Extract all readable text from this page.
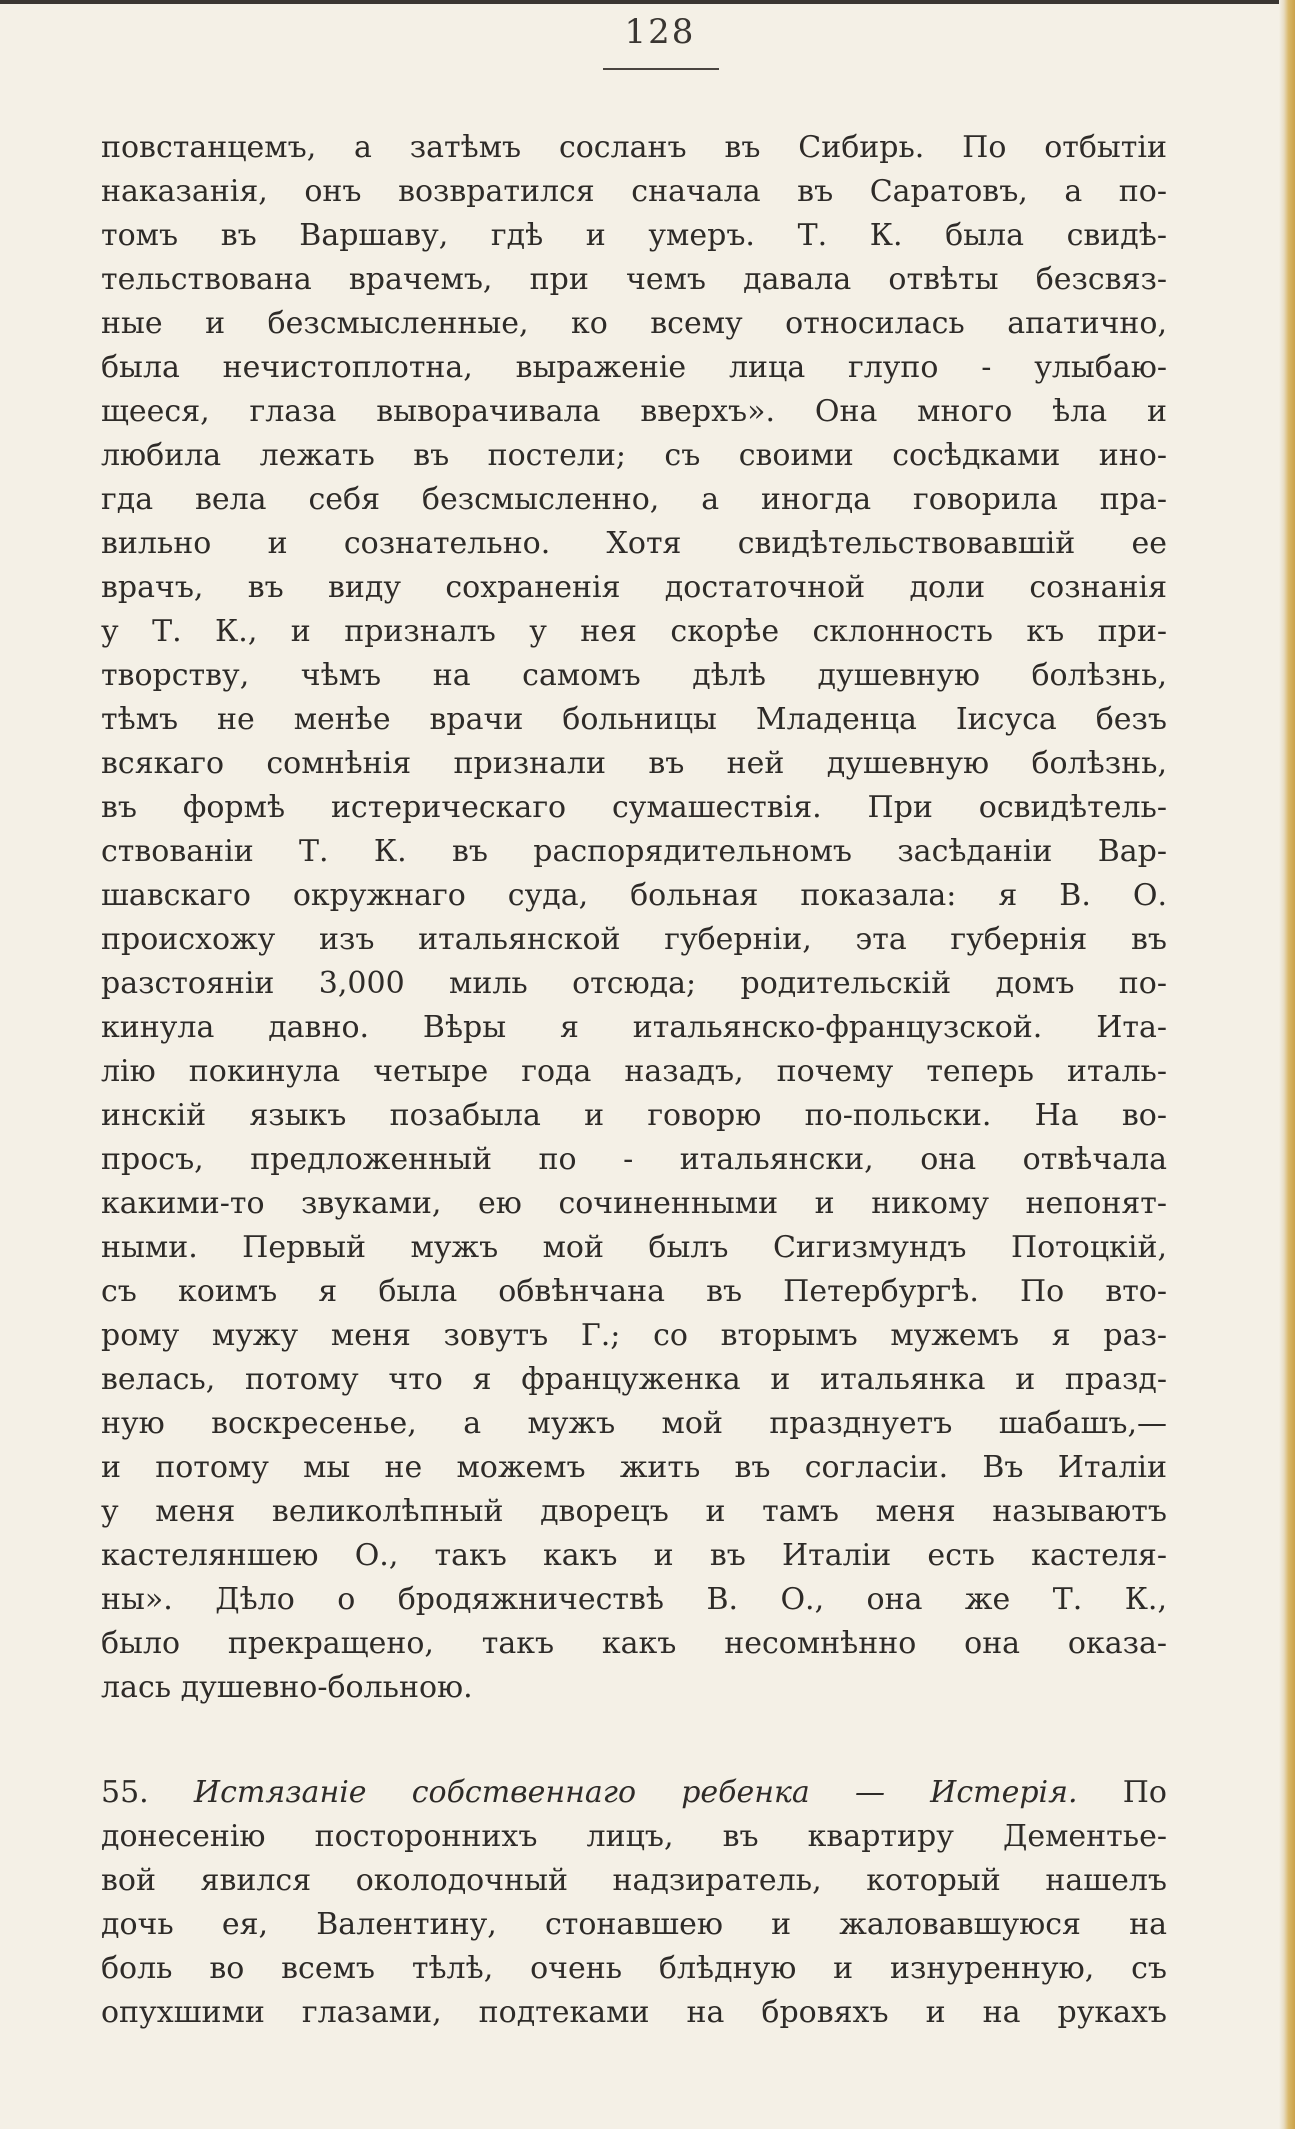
128
повстанцемъ, а затѣмъ сосланъ въ Сибирь. По отбытіи
наказанія, онъ возвратился сначала въ Саратовъ, а по-
томъ въ Варшаву, гдѣ и умеръ. Т. К. была свидѣ-
тельствована врачемъ, при чемъ давала отвѣты безсвяз-
ные и безсмысленные, ко всему относилась апатично,
была нечистоплотна, выраженіе лица глупо - улыбаю-
щееся, глаза выворачивала вверхъ». Она много ѣла и
любила лежать въ постели; съ своими сосѣдками ино-
гда вела себя безсмысленно, а иногда говорила пра-
вильно и сознательно. Хотя свидѣтельствовавшій ее
врачъ, въ виду сохраненія достаточной доли сознанія
у Т. К., и призналъ у нея скорѣе склонность къ при-
творству, чѣмъ на самомъ дѣлѣ душевную болѣзнь,
тѣмъ не менѣе врачи больницы Младенца Іисуса безъ
всякаго сомнѣнія признали въ ней душевную болѣзнь,
въ формѣ истерическаго сумашествія. При освидѣтель-
ствованіи Т. К. въ распорядительномъ засѣданіи Вар-
шавскаго окружнаго суда, больная показала: я В. О.
происхожу изъ итальянской губерніи, эта губернія въ
разстояніи 3,000 миль отсюда; родительскій домъ по-
кинула давно. Вѣры я итальянско-французской. Ита-
лію покинула четыре года назадъ, почему теперь италь-
инскій языкъ позабыла и говорю по-польски. На во-
просъ, предложенный по - итальянски, она отвѣчала
какими-то звуками, ею сочиненными и никому непонят-
ными. Первый мужъ мой былъ Сигизмундъ Потоцкій,
съ коимъ я была обвѣнчана въ Петербургѣ. По вто-
рому мужу меня зовутъ Г.; со вторымъ мужемъ я раз-
велась, потому что я француженка и итальянка и празд-
ную воскресенье, а мужъ мой празднуетъ шабашъ,—
и потому мы не можемъ жить въ согласіи. Въ Италіи
у меня великолѣпный дворецъ и тамъ меня называютъ
кастеляншею О., такъ какъ и въ Италіи есть кастеля-
ны». Дѣло о бродяжничествѣ В. О., она же Т. К.,
было прекращено, такъ какъ несомнѣнно она оказа-
лась душевно-больною.
55. Истязаніе собственнаго ребенка — Истерія. По
донесенію постороннихъ лицъ, въ квартиру Дементье-
вой явился околодочный надзиратель, который нашелъ
дочь ея, Валентину, стонавшею и жаловавшуюся на
боль во всемъ тѣлѣ, очень блѣдную и изнуренную, съ
опухшими глазами, подтеками на бровяхъ и на рукахъ
